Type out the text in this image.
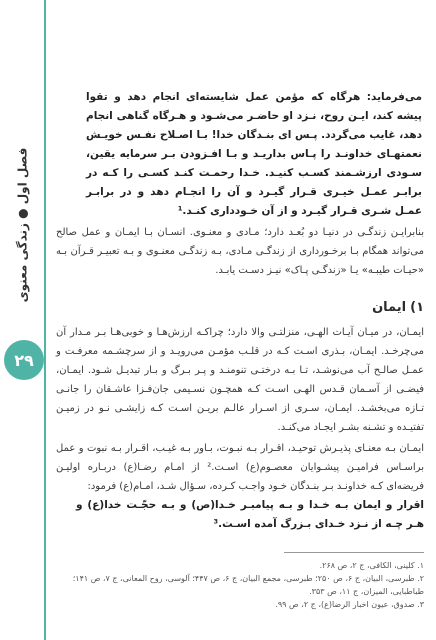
فصل اول ● زندگی معنوی
۲۹
می‌فرماید: هرگاه که مؤمن عمل شایسته‌ای انجام دهد و تقوا پیشه کند، ایـن روح، نـزد او حاضـر می‌شـود و هـرگاه گناهی انجام دهد، غایب می‌گردد. پـس ای بنـدگان خدا! بـا اصـلاح نفـس خویـش نعمتهـای خداونـد را پـاس بداریـد و بـا افـزودن بـر سرمایه یقین، سـودی ارزشـمند کسـب کنیـد. خـدا رحمـت کنـد کسـی را کـه در برابـر عمـل خیـری قـرار گیـرد و آن را انجـام دهد و در برابـر عمـل شـری قـرار گیـرد و از آن خـودداری کنـد.¹
بنابرایـن زندگـی در دنیـا دو بُعـد دارد؛ مـادی و معنـوی. انسـان بـا ایمـان و عمل صالح می‌تواند همگام بـا برخـورداری از زندگـی مـادی، بـه زندگـی معنـوی و بـه تعبیـر قـرآن بـه «حیـات طیبـه» یـا «زندگـی پـاک» نیـز دسـت یابـد.
۱)
ایمان
ایمـان، در میـان آیـات الهـی، منزلتـی والا دارد؛ چراکـه ارزش‌هـا و خوبی‌هـا بـر مـدار آن می‌چرخـد. ایمـان، بـذری اسـت کـه در قلـب مؤمـن می‌رویـد و از سرچشـمه معرفـت و عمـل صالـح آب می‌نوشـد، تـا بـه درختـی تنومنـد و پـر بـرگ و بـار تبدیـل شـود. ایمـان، فیضـی از آسـمان قـدس الهـی اسـت کـه همچـون نسـیمی جان‌فـزا عاشـقان را جانـی تـازه می‌بخشـد. ایمـان، سـری از اسـرار عالـم بریـن اسـت کـه زایشـی نـو در زمیـن تفتیـده و تشـنه بشـر ایجـاد می‌کنـد.
ایمـان بـه معنـای پذیـرش توحیـد، اقـرار بـه نبـوت، بـاور بـه غیـب، اقـرار بـه نبوت و عمل براسـاس فرامیـن پیشـوایان معصـوم(ع) اسـت.² از امـام رضـا(ع) دربـاره اولیـن فریضه‌ای کـه خداونـد بـر بنـدگان خـود واجـب کـرده، سـؤال شـد، امـام(ع) فرمود:
اقرار و ایمان بـه خـدا و بـه پیامبـر خـدا(ص) و بـه حجّـت خدا(ع) و هـر چـه از نـزد خـدای بـزرگ آمده اسـت.³
۱. کلینی، الکافی، ج ۲، ص ۲۶۸.
۲. طبرسی، البیان، ج ۶، ص ۲۵۰؛ طبرسی، مجمع البیان، ج ۶، ص ۴۴۷؛ آلوسی، روح المعانی، ج ۷، ص ۱۴۱؛ طباطبایی، المیزان، ج ۱۱، ص ۳۵۳.
۳. صدوق، عیون اخبار الرضا(ع)، ج ۲، ص ۹۹.
